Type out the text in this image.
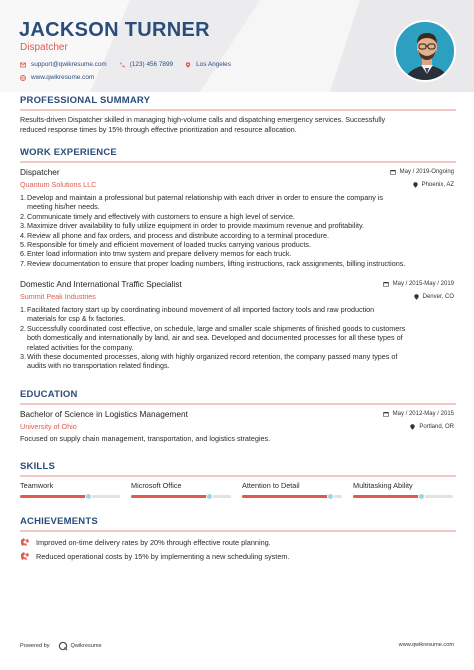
JACKSON TURNER
Dispatcher
support@qwikresume.com	(123) 456 7899	Los Angeles
www.qwikresume.com
PROFESSIONAL SUMMARY
Results-driven Dispatcher skilled in managing high-volume calls and dispatching emergency services. Successfully
reduced response times by 15% through effective prioritization and resource allocation.
WORK EXPERIENCE
Dispatcher	May / 2019-Ongoing
Quantum Solutions LLC	Phoenix, AZ
1. Develop and maintain a professional but paternal relationship with each driver in order to ensure the company is
meeting his/her needs.
2. Communicate timely and effectively with customers to ensure a high level of service.
3. Maximize driver availability to fully utilize equipment in order to provide maximum revenue and profitability.
4. Review all phone and fax orders, and process and distribute according to a terminal procedure.
5. Responsible for timely and efficient movement of loaded trucks carrying various products.
6. Enter load information into tmw system and prepare delivery memos for each truck.
7. Review documentation to ensure that proper loading numbers, lifting instructions, rack assignments, billing instructions.
Domestic And International Traffic Specialist	May / 2015-May / 2019
Summit Peak Industries	Denver, CO
1. Facilitated factory start up by coordinating inbound movement of all imported factory tools and raw production
materials for csp & fx factories.
2. Successfully coordinated cost effective, on schedule, large and smaller scale shipments of finished goods to customers
both domestically and internationally by land, air and sea. Developed and documented processes for all these types of
related activities for the company.
3. With these documented processes, along with highly organized record retention, the company passed many types of
audits with no transportation related findings.
EDUCATION
Bachelor of Science in Logistics Management	May / 2012-May / 2015
University of Ohio	Portland, OR
Focused on supply chain management, transportation, and logistics strategies.
SKILLS
Teamwork	Microsoft Office	Attention to Detail	Multitasking Ability
ACHIEVEMENTS
Improved on-time delivery rates by 20% through effective route planning.
Reduced operational costs by 15% by implementing a new scheduling system.
Powered by	Qwikresume	www.qwikresume.com
